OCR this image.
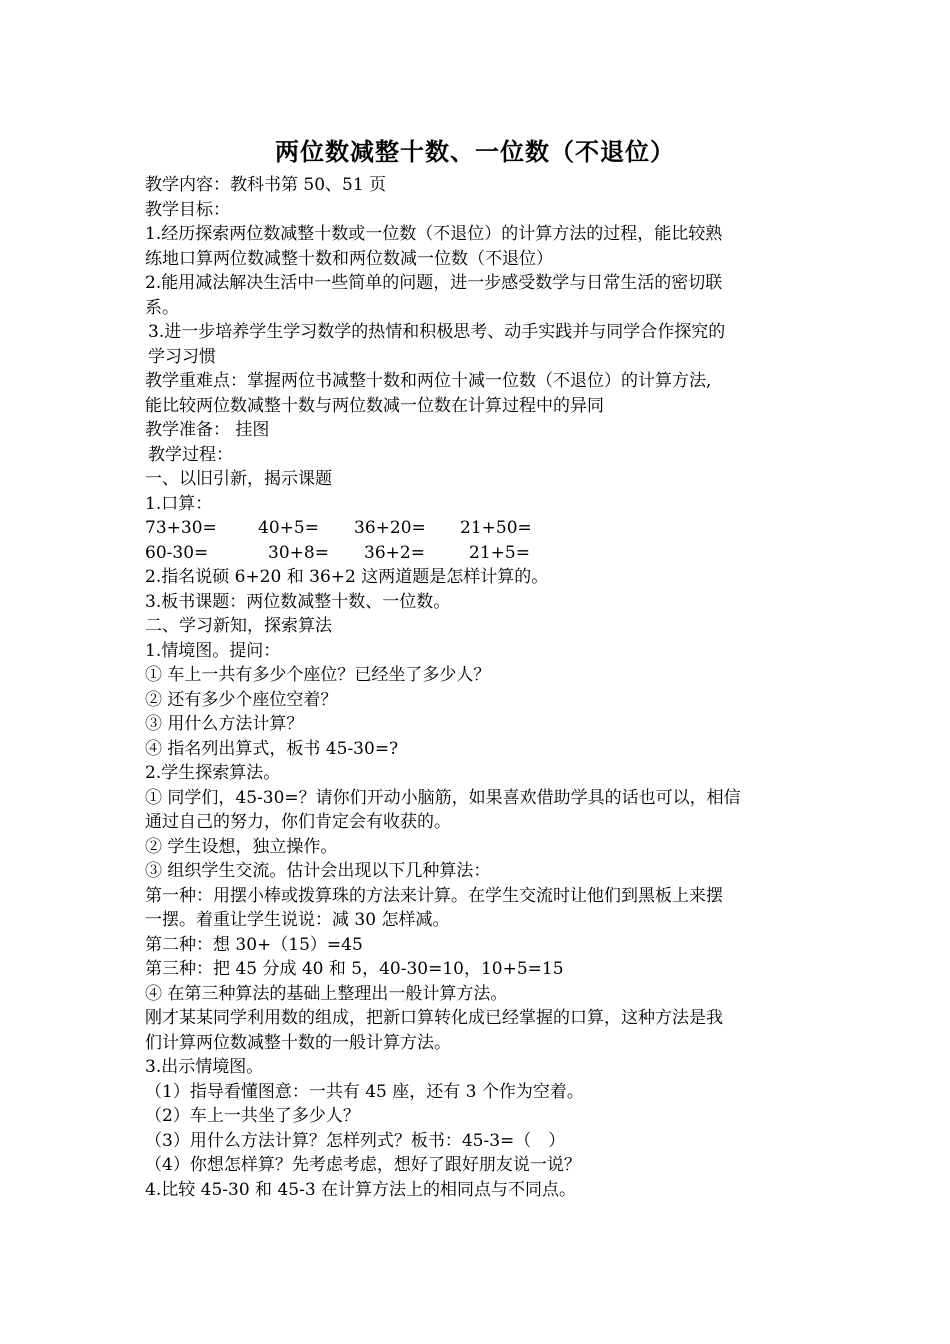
两位数减整十数、一位数（不退位）
教学内容：教科书第 50、51 页
教学目标：
1.经历探索两位数减整十数或一位数（不退位）的计算方法的过程，能比较熟
练地口算两位数减整十数和两位数减一位数（不退位）
2.能用减法解决生活中一些简单的问题，进一步感受数学与日常生活的密切联
系。
3.进一步培养学生学习数学的热情和积极思考、动手实践并与同学合作探究的
学习习惯
教学重难点：掌握两位书减整十数和两位十减一位数（不退位）的计算方法,
能比较两位数减整十数与两位数减一位数在计算过程中的异同
教学准备： 挂图
教学过程：
一、以旧引新，揭示课题
1.口算：
73+30= 40+5= 36+20= 21+50=
60-30=	30+8= 36+2=	21+5=
2.指名说硕 6+20 和 36+2 这两道题是怎样计算的。
3.板书课题：两位数减整十数、一位数。
二、学习新知，探索算法
1.情境图。提问：
① 车上一共有多少个座位？已经坐了多少人？
② 还有多少个座位空着？
③ 用什么方法计算？
④ 指名列出算式，板书 45-30=?
2.学生探索算法。
① 同学们，45-30=？请你们开动小脑筋，如果喜欢借助学具的话也可以，相信
通过自己的努力，你们肯定会有收获的。
② 学生设想，独立操作。
③ 组织学生交流。估计会出现以下几种算法：
第一种：用摆小棒或拨算珠的方法来计算。在学生交流时让他们到黑板上来摆
一摆。着重让学生说说：减 30 怎样减。
第二种：想 30+（15）=45
第三种：把 45 分成 40 和 5，40-30=10，10+5=15
④ 在第三种算法的基础上整理出一般计算方法。
刚才某某同学利用数的组成，把新口算转化成已经掌握的口算，这种方法是我
们计算两位数减整十数的一般计算方法。
3.出示情境图。
（1）指导看懂图意：一共有 45 座，还有 3 个作为空着。
（2）车上一共坐了多少人？
（3）用什么方法计算？怎样列式？板书：45-3=（　）
（4）你想怎样算？先考虑考虑，想好了跟好朋友说一说？
4.比较 45-30 和 45-3 在计算方法上的相同点与不同点。
